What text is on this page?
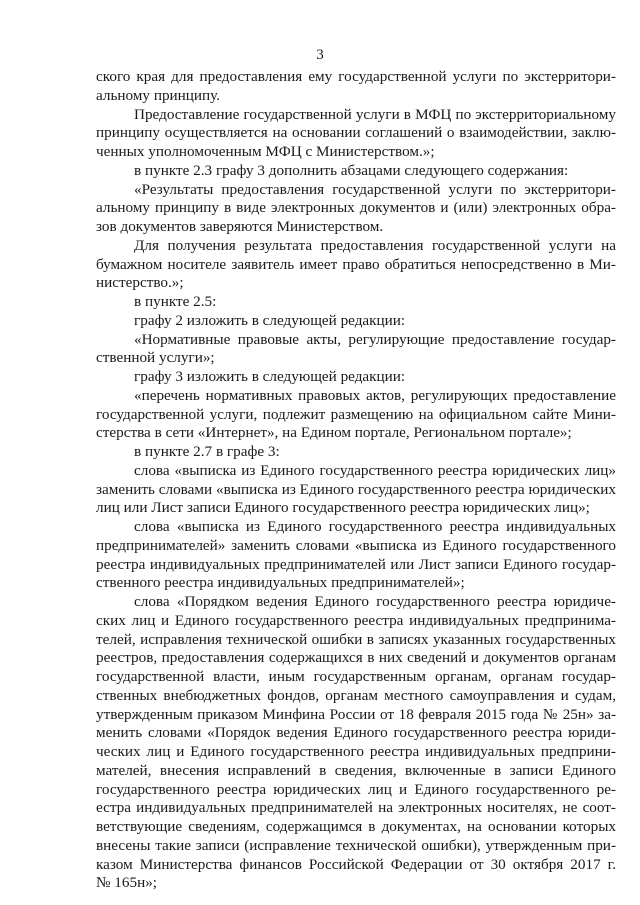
3
ского края для предоставления ему государственной услуги по экстерритори-
альному принципу.
Предоставление государственной услуги в МФЦ по экстерриториальному
принципу осуществляется на основании соглашений о взаимодействии, заклю-
ченных уполномоченным МФЦ с Министерством.»;
в пункте 2.3 графу 3 дополнить абзацами следующего содержания:
«Результаты предоставления государственной услуги по экстерритори-
альному принципу в виде электронных документов и (или) электронных обра-
зов документов заверяются Министерством.
Для получения результата предоставления государственной услуги на
бумажном носителе заявитель имеет право обратиться непосредственно в Ми-
нистерство.»;
в пункте 2.5:
графу 2 изложить в следующей редакции:
«Нормативные правовые акты, регулирующие предоставление государ-
ственной услуги»;
графу 3 изложить в следующей редакции:
«перечень нормативных правовых актов, регулирующих предоставление
государственной услуги, подлежит размещению на официальном сайте Мини-
стерства в сети «Интернет», на Едином портале, Региональном портале»;
в пункте 2.7 в графе 3:
слова «выписка из Единого государственного реестра юридических лиц»
заменить словами «выписка из Единого государственного реестра юридических
лиц или Лист записи Единого государственного реестра юридических лиц»;
слова «выписка из Единого государственного реестра индивидуальных
предпринимателей» заменить словами «выписка из Единого государственного
реестра индивидуальных предпринимателей или Лист записи Единого государ-
ственного реестра индивидуальных предпринимателей»;
слова «Порядком ведения Единого государственного реестра юридиче-
ских лиц и Единого государственного реестра индивидуальных предпринима-
телей, исправления технической ошибки в записях указанных государственных
реестров, предоставления содержащихся в них сведений и документов органам
государственной власти, иным государственным органам, органам государ-
ственных внебюджетных фондов, органам местного самоуправления и судам,
утвержденным приказом Минфина России от 18 февраля 2015 года № 25н» за-
менить словами «Порядок ведения Единого государственного реестра юриди-
ческих лиц и Единого государственного реестра индивидуальных предприни-
мателей, внесения исправлений в сведения, включенные в записи Единого
государственного реестра юридических лиц и Единого государственного ре-
естра индивидуальных предпринимателей на электронных носителях, не соот-
ветствующие сведениям, содержащимся в документах, на основании которых
внесены такие записи (исправление технической ошибки), утвержденным при-
казом Министерства финансов Российской Федерации от 30 октября 2017 г.
№ 165н»;
